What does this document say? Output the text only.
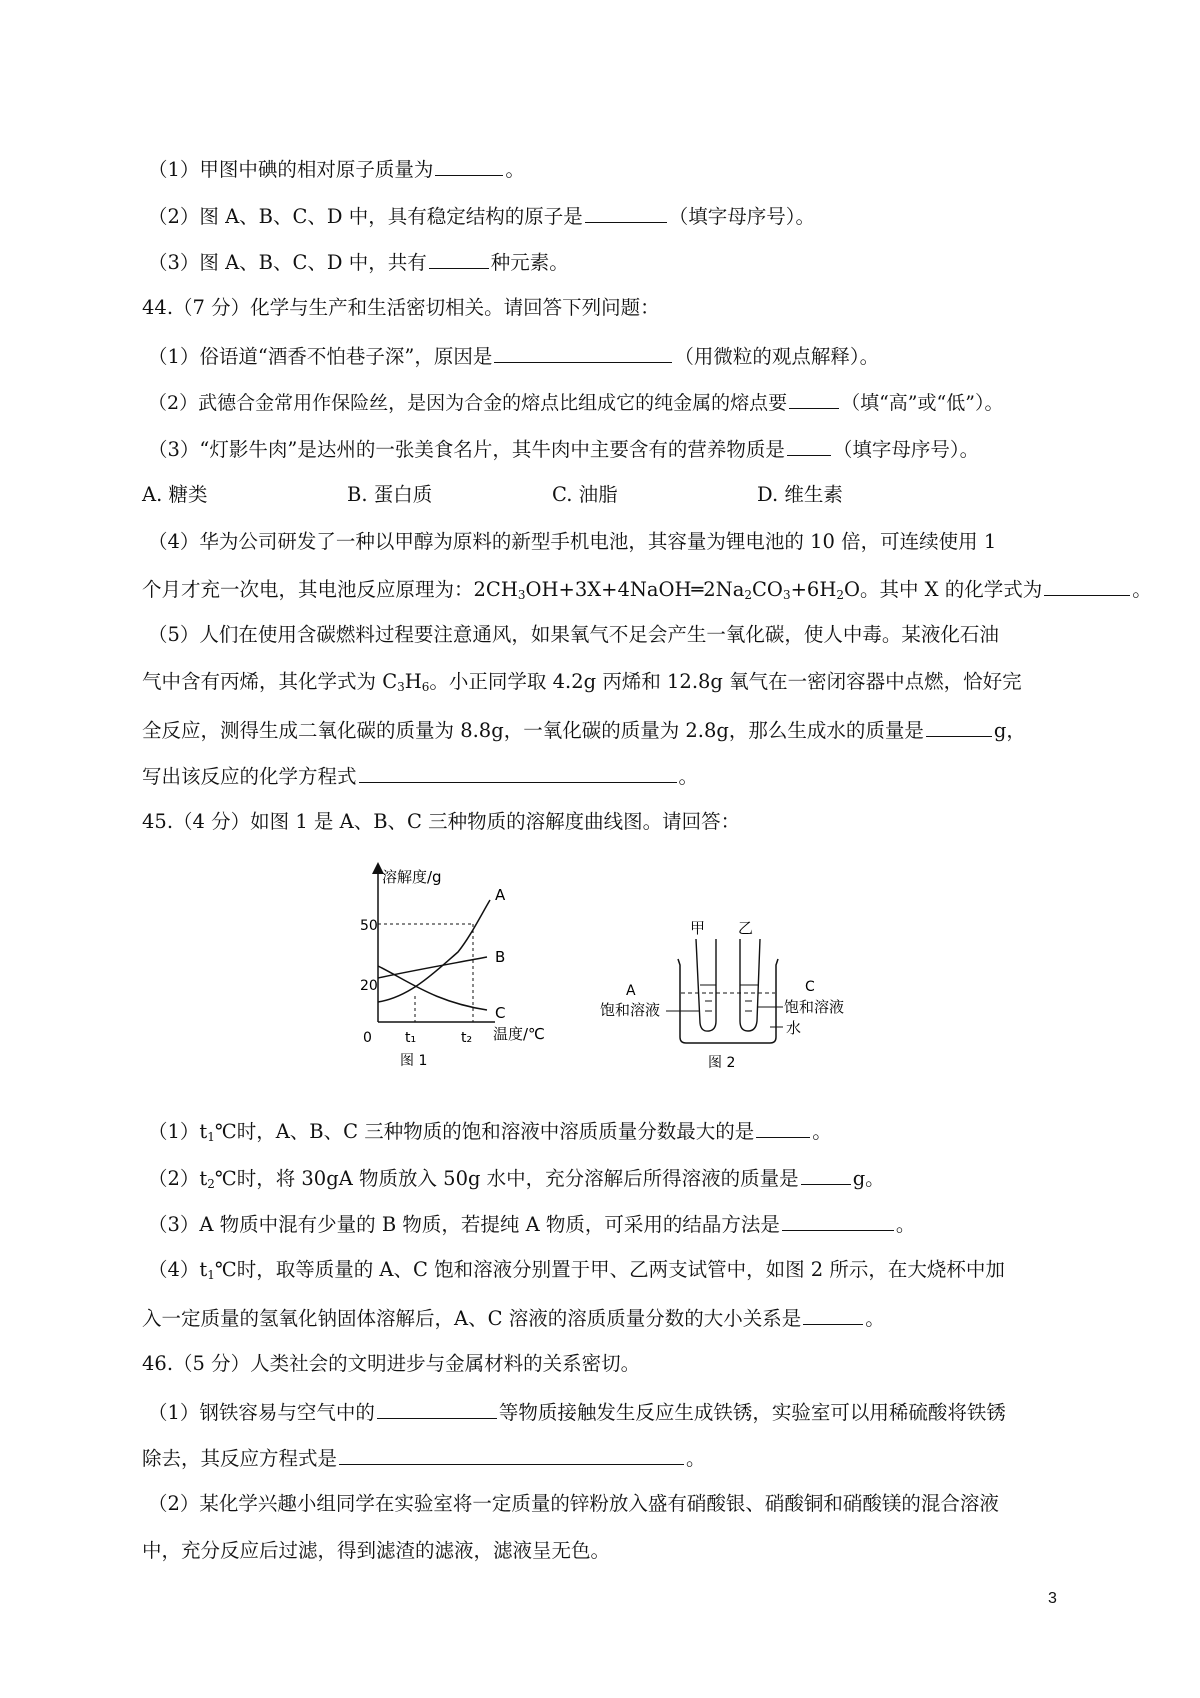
（1）甲图中碘的相对原子质量为	。
（2）图 A、B、C、D 中，具有稳定结构的原子是	（填字母序号）。
（3）图 A、B、C、D 中，共有	种元素。
44.（7 分）化学与生产和生活密切相关。请回答下列问题：
（1）俗语道“酒香不怕巷子深”，原因是	（用微粒的观点解释）。
（2）武德合金常用作保险丝，是因为合金的熔点比组成它的纯金属的熔点要	（填“高”或“低”）。
（3）“灯影牛肉”是达州的一张美食名片，其牛肉中主要含有的营养物质是 （填字母序号）。
A. 糖类	B. 蛋白质	C. 油脂	D. 维生素
（4）华为公司研发了一种以甲醇为原料的新型手机电池，其容量为锂电池的 10 倍，可连续使用 1
个月才充一次电，其电池反应原理为：$2CH_3OH+3X+4NaOH═2Na_2CO_3+6H_2O$。其中 X 的化学式为	。
（5）人们在使用含碳燃料过程要注意通风，如果氧气不足会产生一氧化碳，使人中毒。某液化石油
气中含有丙烯，其化学式为 $C_3H_6$。小正同学取 4.2g 丙烯和 12.8g 氧气在一密闭容器中点燃，恰好完
全反应，测得生成二氧化碳的质量为 8.8g，一氧化碳的质量为 2.8g，那么生成水的质量是	g，
写出该反应的化学方程式	。
45.（4 分）如图 1 是 A、B、C 三种物质的溶解度曲线图。请回答：
溶解度/g
温度/℃
50
20
0 t₁	t₂
A
B
C
图 1
甲 乙
A	C
饱和溶液	饱和溶液
水
图 2
$(1)t_1℃$时，A、B、C 三种物质的饱和溶液中溶质质量分数最大的是	。
$(2)t_2℃$时，将 30gA 物质放入 50g 水中，充分溶解后所得溶液的质量是	g。
（3）A 物质中混有少量的 B 物质，若提纯 A 物质，可采用的结晶方法是	。
$(4)t_1℃$时，取等质量的 A、C 饱和溶液分别置于甲、乙两支试管中，如图 2 所示，在大烧杯中加
入一定质量的氢氧化钠固体溶解后，A、C 溶液的溶质质量分数的大小关系是	。
46.（5 分）人类社会的文明进步与金属材料的关系密切。
（1）钢铁容易与空气中的	等物质接触发生反应生成铁锈，实验室可以用稀硫酸将铁锈
除去，其反应方程式是	。
（2）某化学兴趣小组同学在实验室将一定质量的锌粉放入盛有硝酸银、硝酸铜和硝酸镁的混合溶液
中，充分反应后过滤，得到滤渣的滤液，滤液呈无色。
3
